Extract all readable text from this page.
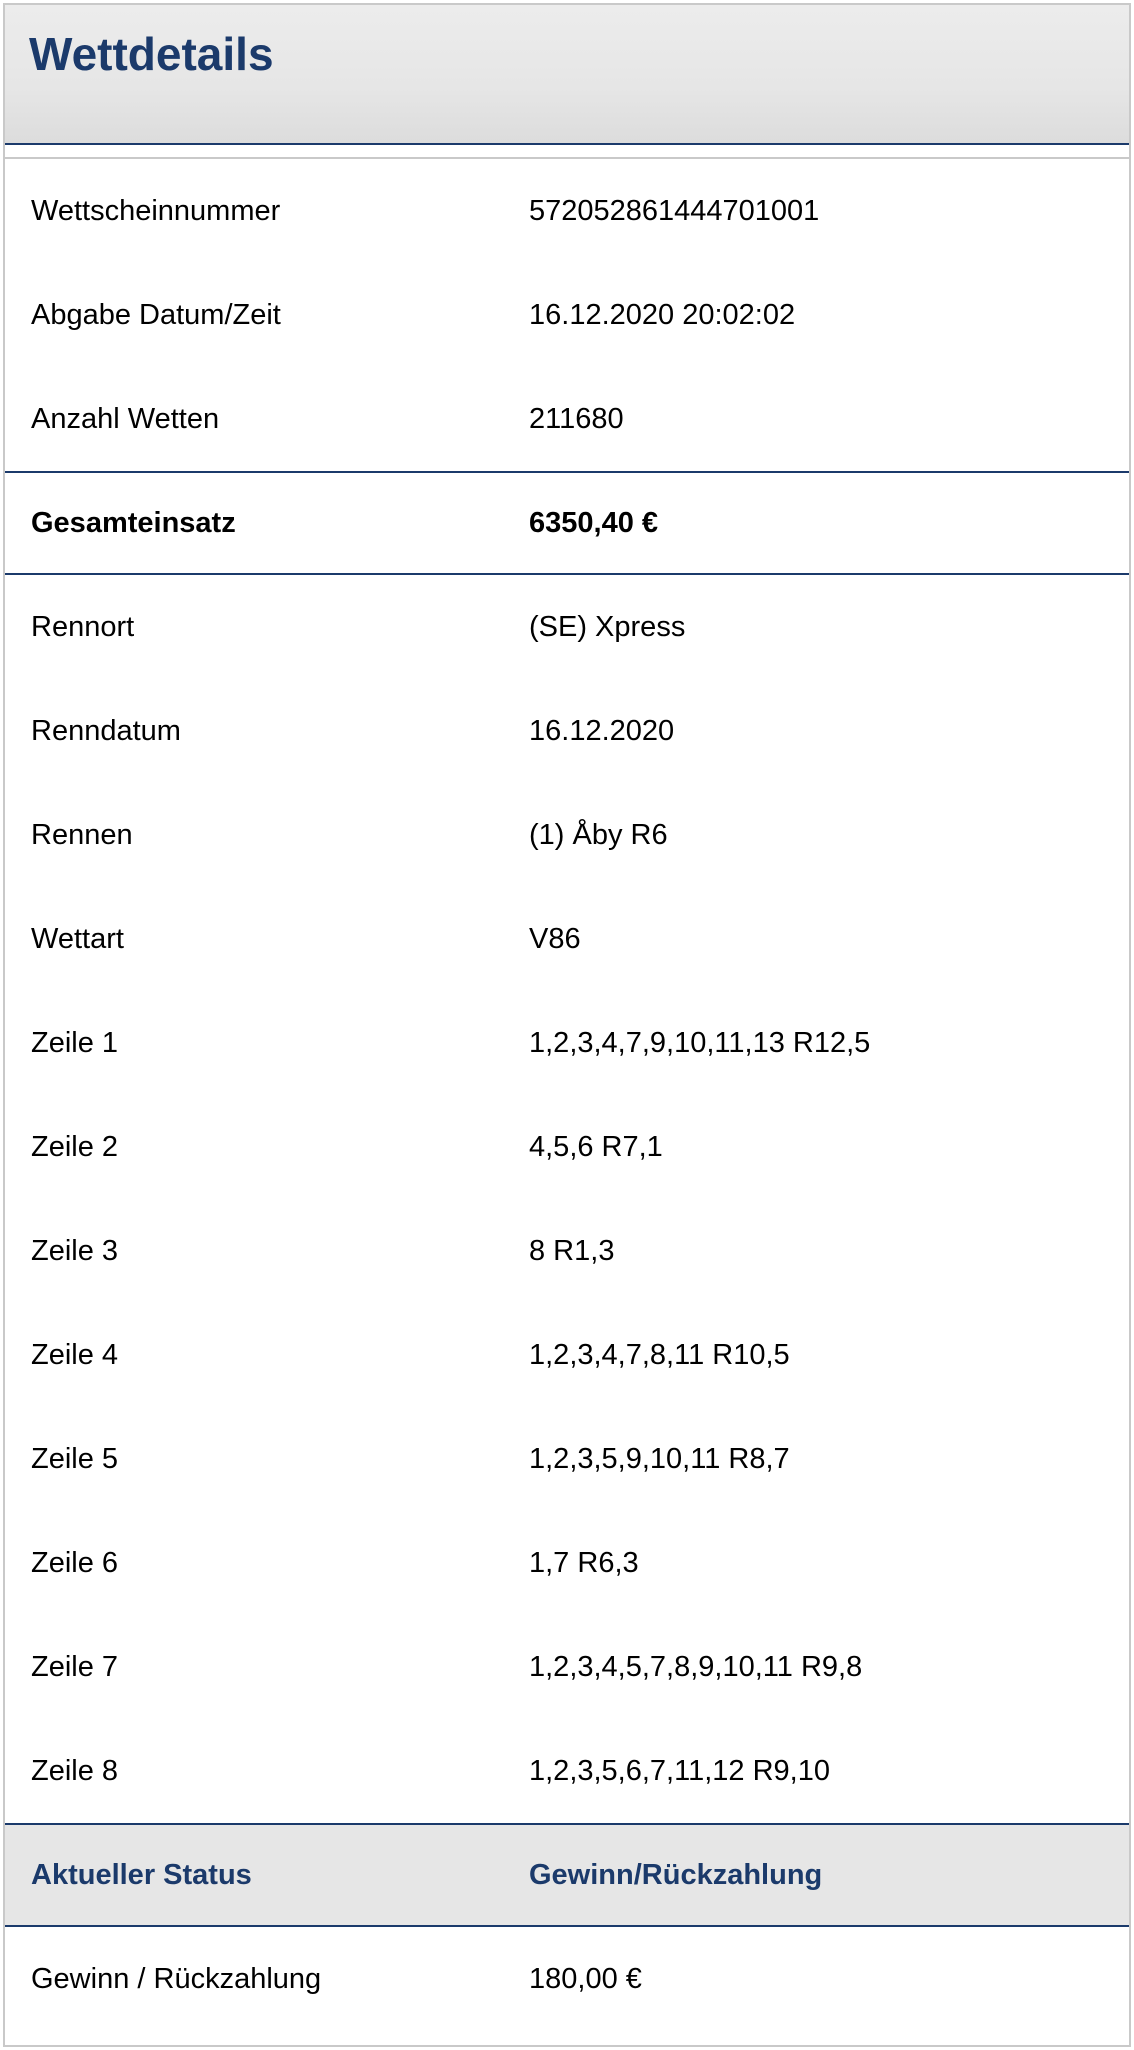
Wettdetails
Wettscheinnummer	572052861444701001
Abgabe Datum/Zeit	16.12.2020 20:02:02
Anzahl Wetten	211680
Gesamteinsatz	6350,40 €
Rennort	(SE) Xpress
Renndatum	16.12.2020
Rennen	(1) Åby R6
Wettart	V86
Zeile 1	1,2,3,4,7,9,10,11,13 R12,5
Zeile 2	4,5,6 R7,1
Zeile 3	8 R1,3
Zeile 4	1,2,3,4,7,8,11 R10,5
Zeile 5	1,2,3,5,9,10,11 R8,7
Zeile 6	1,7 R6,3
Zeile 7	1,2,3,4,5,7,8,9,10,11 R9,8
Zeile 8	1,2,3,5,6,7,11,12 R9,10
Aktueller Status	Gewinn/Rückzahlung
Gewinn / Rückzahlung	180,00 €
